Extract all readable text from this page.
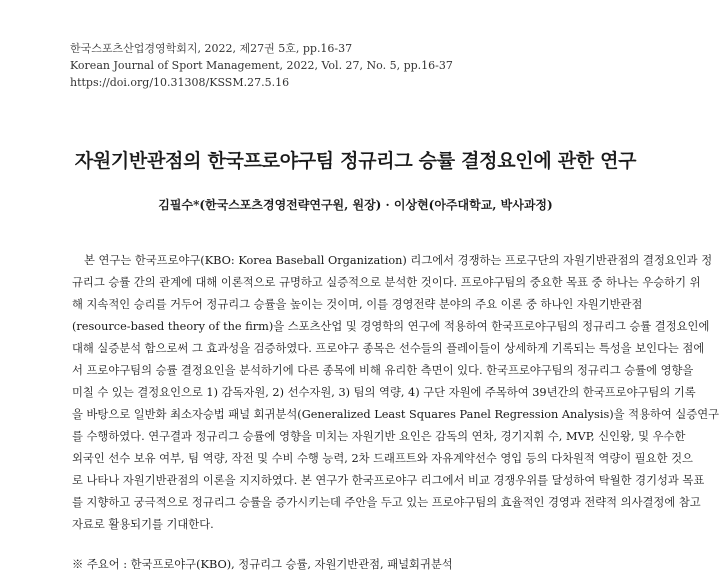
한국스포츠산업경영학회지, 2022, 제27권 5호, pp.16-37
Korean Journal of Sport Management, 2022, Vol. 27, No. 5, pp.16-37
https://doi.org/10.31308/KSSM.27.5.16
자원기반관점의 한국프로야구팀 정규리그 승률 결정요인에 관한 연구
김필수*(한국스포츠경영전략연구원, 원장) · 이상현(아주대학교, 박사과정)
본 연구는 한국프로야구(KBO: Korea Baseball Organization) 리그에서 경쟁하는 프로구단의 자원기반관점의 결정요인과 정
규리그 승률 간의 관계에 대해 이론적으로 규명하고 실증적으로 분석한 것이다. 프로야구팀의 중요한 목표 중 하나는 우승하기 위
해 지속적인 승리를 거두어 정규리그 승률을 높이는 것이며, 이를 경영전략 분야의 주요 이론 중 하나인 자원기반관점
(resource-based theory of the firm)을 스포츠산업 및 경영학의 연구에 적용하여 한국프로야구팀의 정규리그 승률 결정요인에
대해 실증분석 함으로써 그 효과성을 검증하였다. 프로야구 종목은 선수들의 플레이들이 상세하게 기록되는 특성을 보인다는 점에
서 프로야구팀의 승률 결정요인을 분석하기에 다른 종목에 비해 유리한 측면이 있다. 한국프로야구팀의 정규리그 승률에 영향을
미칠 수 있는 결정요인으로 1) 감독자원, 2) 선수자원, 3) 팀의 역량, 4) 구단 자원에 주목하여 39년간의 한국프로야구팀의 기록
을 바탕으로 일반화 최소자승법 패널 회귀분석(Generalized Least Squares Panel Regression Analysis)을 적용하여 실증연구
를 수행하였다. 연구결과 정규리그 승률에 영향을 미치는 자원기반 요인은 감독의 연차, 경기지휘 수, MVP, 신인왕, 및 우수한
외국인 선수 보유 여부, 팀 역량, 작전 및 수비 수행 능력, 2차 드래프트와 자유계약선수 영입 등의 다차원적 역량이 필요한 것으
로 나타나 자원기반관점의 이론을 지지하였다. 본 연구가 한국프로야구 리그에서 비교 경쟁우위를 달성하여 탁월한 경기성과 목표
를 지향하고 궁극적으로 정규리그 승률을 증가시키는데 주안을 두고 있는 프로야구팀의 효율적인 경영과 전략적 의사결정에 참고
자료로 활용되기를 기대한다.
※ 주요어 : 한국프로야구(KBO), 정규리그 승률, 자원기반관점, 패널회귀분석
